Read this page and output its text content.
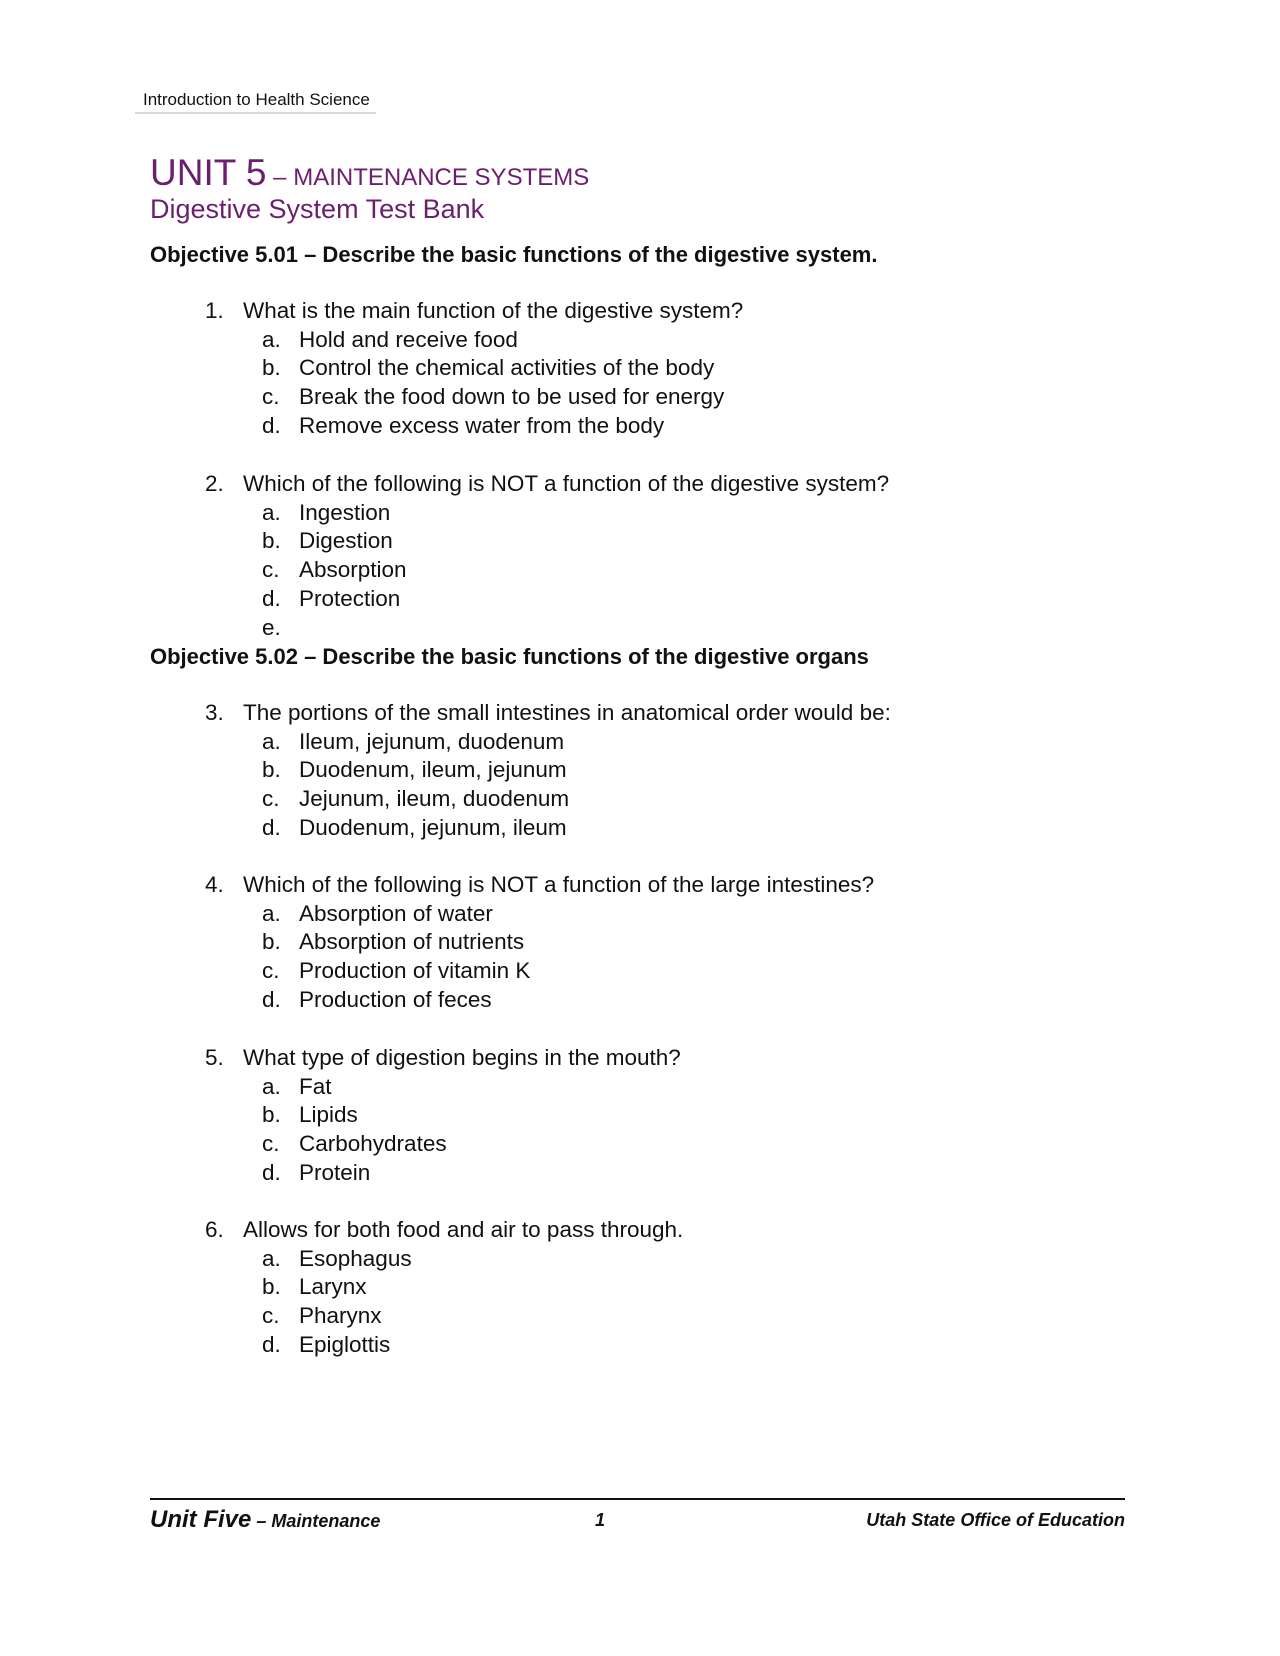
Introduction to Health Science
UNIT 5 – MAINTENANCE SYSTEMS
Digestive System Test Bank
Objective 5.01 – Describe the basic functions of the digestive system.
1. What is the main function of the digestive system?
a. Hold and receive food
b. Control the chemical activities of the body
c. Break the food down to be used for energy
d. Remove excess water from the body
2. Which of the following is NOT a function of the digestive system?
a. Ingestion
b. Digestion
c. Absorption
d. Protection
e.
Objective 5.02 – Describe the basic functions of the digestive organs
3. The portions of the small intestines in anatomical order would be:
a. Ileum, jejunum, duodenum
b. Duodenum, ileum, jejunum
c. Jejunum, ileum, duodenum
d. Duodenum, jejunum, ileum
4. Which of the following is NOT a function of the large intestines?
a. Absorption of water
b. Absorption of nutrients
c. Production of vitamin K
d. Production of feces
5. What type of digestion begins in the mouth?
a. Fat
b. Lipids
c. Carbohydrates
d. Protein
6. Allows for both food and air to pass through.
a. Esophagus
b. Larynx
c. Pharynx
d. Epiglottis
Unit Five – Maintenance	1	Utah State Office of Education
